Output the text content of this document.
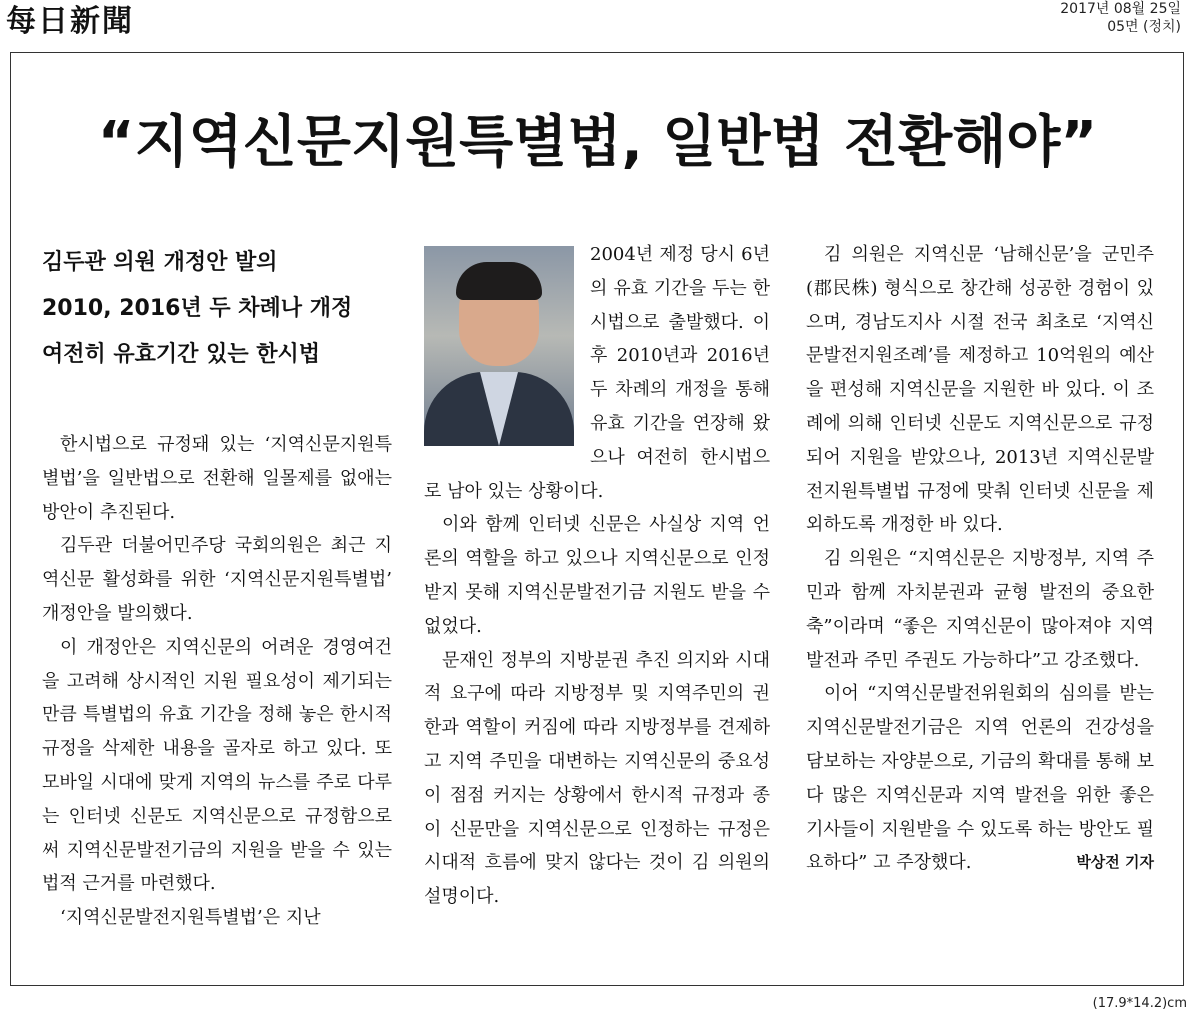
每日新聞	2017년 08월 25일
05면 (정치)
“지역신문지원특별법, 일반법 전환해야”
김두관 의원 개정안 발의
2010, 2016년 두 차례나 개정
여전히 유효기간 있는 한시법

한시법으로 규정돼 있는 ‘지역신문지원특별법’을 일반법으로 전환해 일몰제를 없애는 방안이 추진된다.

김두관 더불어민주당 국회의원은 최근 지역신문 활성화를 위한 ‘지역신문지원특별법’ 개정안을 발의했다.

이 개정안은 지역신문의 어려운 경영여건을 고려해 상시적인 지원 필요성이 제기되는 만큼 특별법의 유효 기간을 정해 놓은 한시적 규정을 삭제한 내용을 골자로 하고 있다. 또 모바일 시대에 맞게 지역의 뉴스를 주로 다루는 인터넷 신문도 지역신문으로 규정함으로써 지역신문발전기금의 지원을 받을 수 있는 법적 근거를 마련했다.

‘지역신문발전지원특별법’은 지난

2004년 제정 당시 6년의 유효 기간을 두는 한시법으로 출발했다. 이후 2010년과 2016년 두 차례의 개정을 통해 유효 기간을 연장해 왔으나 여전히 한시법으로 남아 있는 상황이다.

이와 함께 인터넷 신문은 사실상 지역 언론의 역할을 하고 있으나 지역신문으로 인정받지 못해 지역신문발전기금 지원도 받을 수 없었다.

문재인 정부의 지방분권 추진 의지와 시대적 요구에 따라 지방정부 및 지역주민의 권한과 역할이 커짐에 따라 지방정부를 견제하고 지역 주민을 대변하는 지역신문의 중요성이 점점 커지는 상황에서 한시적 규정과 종이 신문만을 지역신문으로 인정하는 규정은 시대적 흐름에 맞지 않다는 것이 김 의원의 설명이다.

김 의원은 지역신문 ‘남해신문’을 군민주(郡民株) 형식으로 창간해 성공한 경험이 있으며, 경남도지사 시절 전국 최초로 ‘지역신문발전지원조례’를 제정하고 10억원의 예산을 편성해 지역신문을 지원한 바 있다. 이 조례에 의해 인터넷 신문도 지역신문으로 규정되어 지원을 받았으나, 2013년 지역신문발전지원특별법 규정에 맞춰 인터넷 신문을 제외하도록 개정한 바 있다.

김 의원은 “지역신문은 지방정부, 지역 주민과 함께 자치분권과 균형 발전의 중요한 축”이라며 “좋은 지역신문이 많아져야 지역 발전과 주민 주권도 가능하다”고 강조했다.

이어 “지역신문발전위원회의 심의를 받는 지역신문발전기금은 지역 언론의 건강성을 담보하는 자양분으로, 기금의 확대를 통해 보다 많은 지역신문과 지역 발전을 위한 좋은 기사들이 지원받을 수 있도록 하는 방안도 필요하다” 고 주장했다.	박상전 기자

(17.9*14.2)cm
